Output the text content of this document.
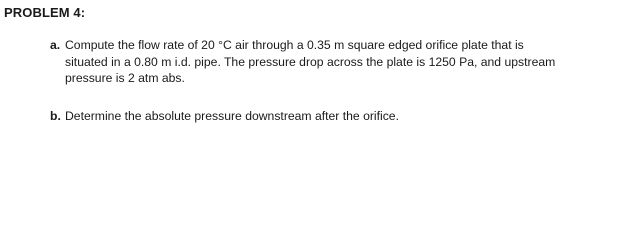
PROBLEM 4:
a. Compute the flow rate of 20 °C air through a 0.35 m square edged orifice plate that is
situated in a 0.80 m i.d. pipe. The pressure drop across the plate is 1250 Pa, and upstream
pressure is 2 atm abs.
b. Determine the absolute pressure downstream after the orifice.
